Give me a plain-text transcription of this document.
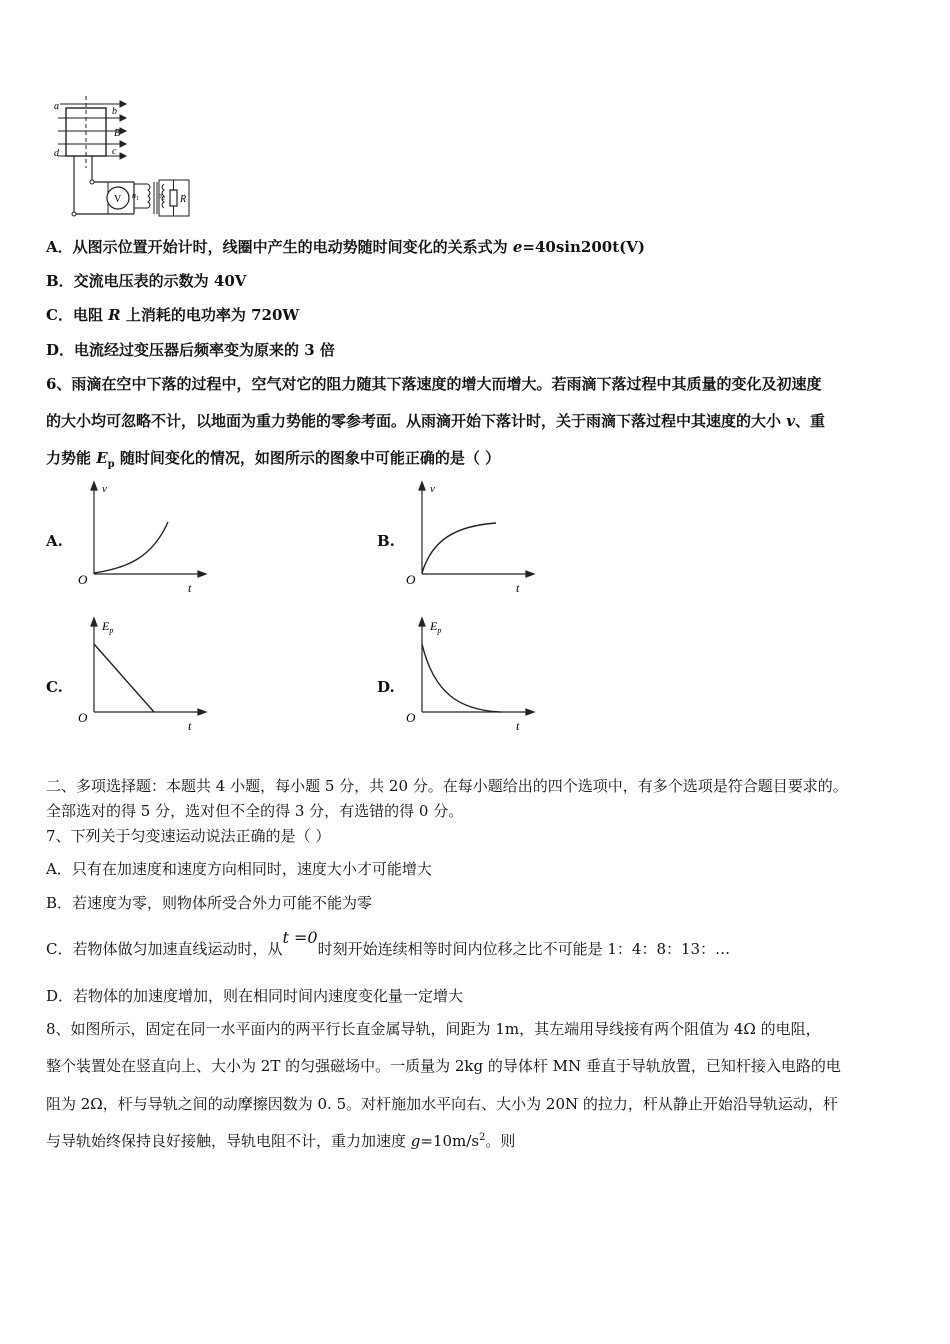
a	b
B
c
d
V $n_1$ $n_2$ R
A．从图示位置开始计时，线圈中产生的电动势随时间变化的关系式为 e=40sin200t(V)
B．交流电压表的示数为 40V
C．电阻 R 上消耗的电功率为 720W
D．电流经过变压器后频率变为原来的 3 倍
6、雨滴在空中下落的过程中，空气对它的阻力随其下落速度的增大而增大。若雨滴下落过程中其质量的变化及初速度
的大小均可忽略不计，以地面为重力势能的零参考面。从雨滴开始下落计时，关于雨滴下落过程中其速度的大小 v、重
力势能 $E_p$ 随时间变化的情况，如图所示的图象中可能正确的是（ ）
A.
v
t
O
B.
v
t
O
C.
$E_p$
t
O
D.
$E_p$
t
O
二、多项选择题：本题共 4 小题，每小题 5 分，共 20 分。在每小题给出的四个选项中，有多个选项是符合题目要求的。
全部选对的得 5 分，选对但不全的得 3 分，有选错的得 0 分。
7、下列关于匀变速运动说法正确的是（ ）
A．只有在加速度和速度方向相同时，速度大小才可能增大
B．若速度为零，则物体所受合外力可能不能为零
C．若物体做匀加速直线运动时，从t =0时刻开始连续相等时间内位移之比不可能是 1：4：8：13：…
D．若物体的加速度增加，则在相同时间内速度变化量一定增大
8、如图所示，固定在同一水平面内的两平行长直金属导轨，间距为 1m，其左端用导线接有两个阻值为 4Ω 的电阻，
整个装置处在竖直向上、大小为 2T 的匀强磁场中。一质量为 2kg 的导体杆 MN 垂直于导轨放置，已知杆接入电路的电
阻为 2Ω，杆与导轨之间的动摩擦因数为 0. 5。对杆施加水平向右、大小为 20N 的拉力，杆从静止开始沿导轨运动，杆
与导轨始终保持良好接触，导轨电阻不计，重力加速度 $g=10m/s^2$。则
